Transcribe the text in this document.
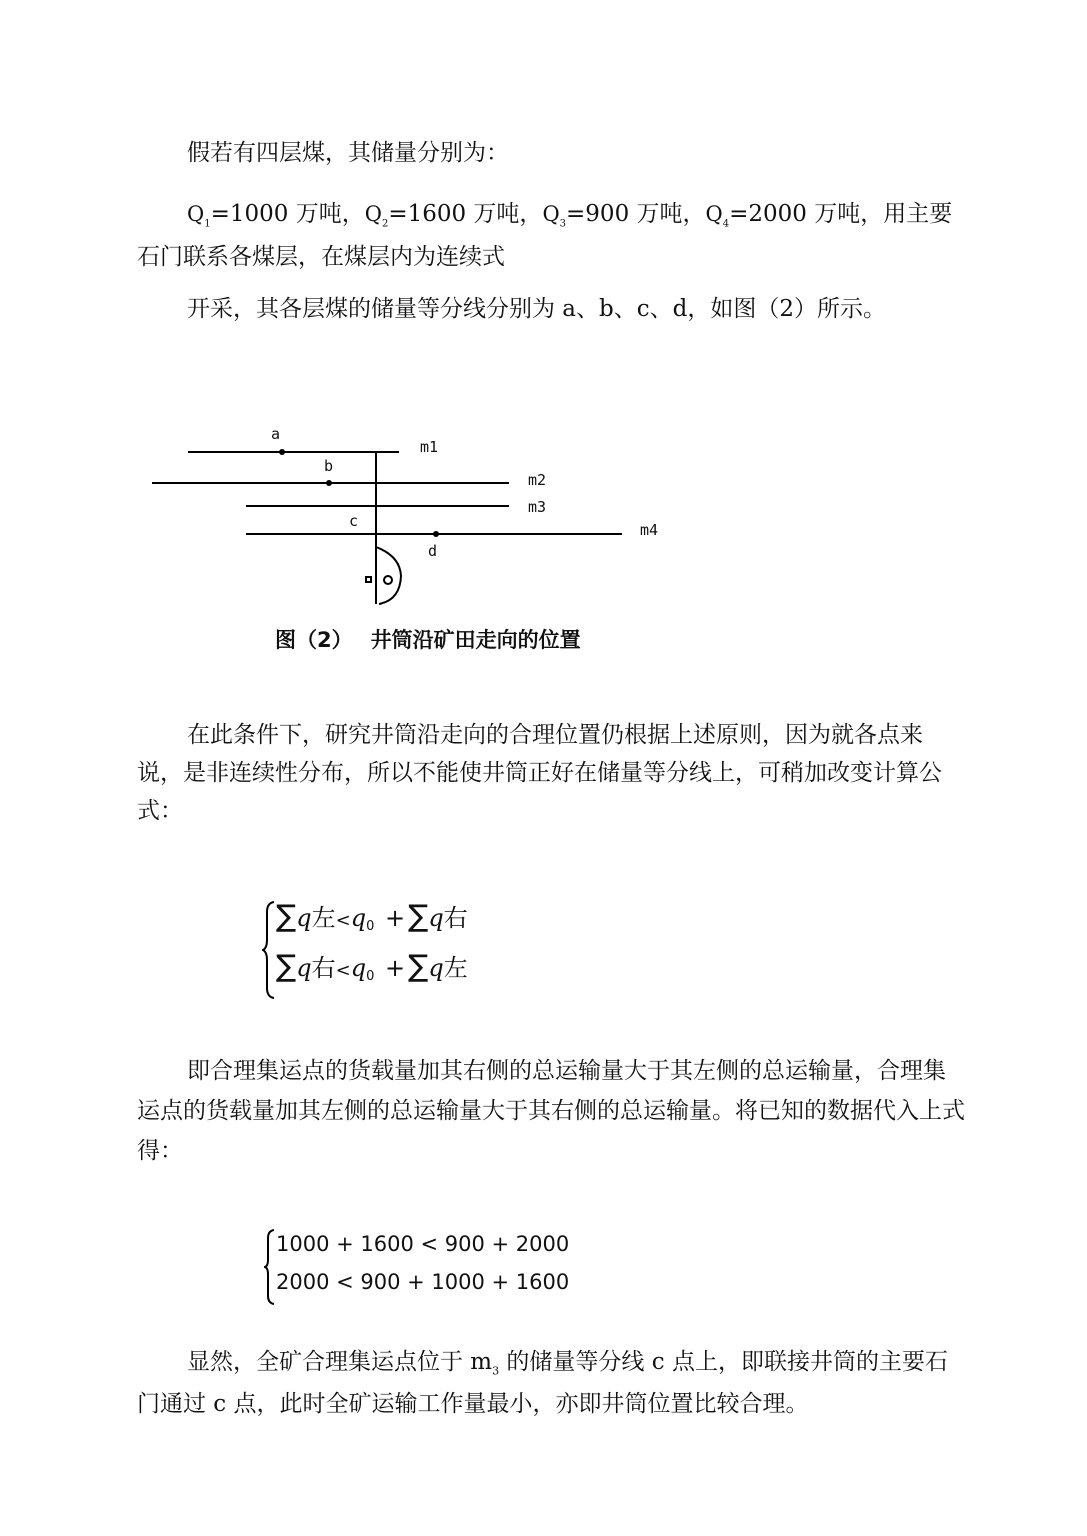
假若有四层煤，其储量分别为：
$Q_1=1000$ 万吨，$Q_2=1600$ 万吨，$Q_3=900$ 万吨，$Q_4=2000$ 万吨，用主要石门联系各煤层，在煤层内为连续式
开采，其各层煤的储量等分线分别为 a、b、c、d，如图（2）所示。
a
b
c
d
m1
m2
m3
m4
图（2） 井筒沿矿田走向的位置
在此条件下，研究井筒沿走向的合理位置仍根据上述原则，因为就各点来说，是非连续性分布，所以不能使井筒正好在储量等分线上，可稍加改变计算公式：
∑q左<q0 + ∑q右
∑q右<q0 + ∑q左
即合理集运点的货载量加其右侧的总运输量大于其左侧的总运输量，合理集运点的货载量加其左侧的总运输量大于其右侧的总运输量。将已知的数据代入上式得：
1000 + 1600 < 900 + 2000
2000 < 900 + 1000 + 1600
显然，全矿合理集运点位于 $m_3$ 的储量等分线 c 点上，即联接井筒的主要石门通过 c 点，此时全矿运输工作量最小，亦即井筒位置比较合理。
